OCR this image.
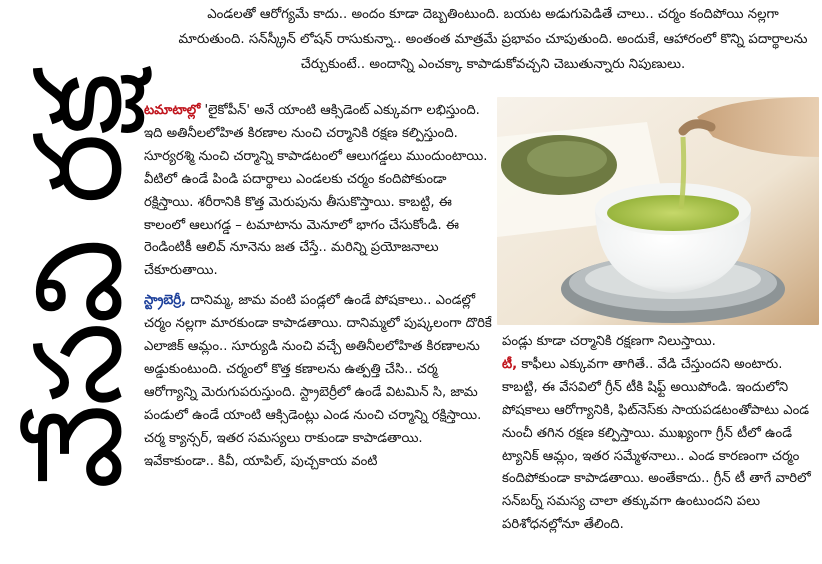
వేసవి రక్ష
ఎండలతో ఆరోగ్యమే కాదు.. అందం కూడా దెబ్బతింటుంది. బయట అడుగుపెడితే చాలు.. చర్మం కందిపోయి నల్లగా మారుతుంది. సన్‌స్క్రీన్ లోషన్ రాసుకున్నా.. అంతంత మాత్రమే ప్రభావం చూపుతుంది. అందుకే, ఆహారంలో కొన్ని పదార్థాలను చేర్చుకుంటే.. అందాన్ని ఎంచక్కా కాపాడుకోవచ్చని చెబుతున్నారు నిపుణులు.

టమాటాల్లో 'లైకోపీన్' అనే యాంటి ఆక్సిడెంట్ ఎక్కువగా లభిస్తుంది. ఇది అతినీలలోహిత కిరణాల నుంచి చర్మానికి రక్షణ కల్పిస్తుంది. సూర్యరశ్మి నుంచి చర్మాన్ని కాపాడటంలో ఆలుగడ్డలు ముందుంటాయి. వీటిలో ఉండే పిండి పదార్థాలు ఎండలకు చర్మం కందిపోకుండా రక్షిస్తాయి. శరీరానికి కొత్త మెరుపును తీసుకొస్తాయి. కాబట్టి, ఈ కాలంలో ఆలుగడ్డ – టమాటాను మెనూలో భాగం చేసుకోండి. ఈ రెండింటికీ ఆలివ్ నూనెను జత చేస్తే.. మరిన్ని ప్రయోజనాలు చేకూరుతాయి.

స్ట్రాబెర్రీ, దానిమ్మ, జామ వంటి పండ్లలో ఉండే పోషకాలు.. ఎండల్లో చర్మం నల్లగా మారకుండా కాపాడతాయి. దానిమ్మలో పుష్కలంగా దొరికే ఎలాజిక్ ఆమ్లం.. సూర్యుడి నుంచి వచ్చే అతినీలలోహిత కిరణాలను అడ్డుకుంటుంది. చర్మంలో కొత్త కణాలను ఉత్పత్తి చేసి.. చర్మ ఆరోగ్యాన్ని మెరుగుపరుస్తుంది. స్ట్రాబెర్రీలో ఉండే విటమిన్ సి, జామ పండులో ఉండే యాంటి ఆక్సిడెంట్లు ఎండ నుంచి చర్మాన్ని రక్షిస్తాయి. చర్మ క్యాన్సర్, ఇతర సమస్యలు రాకుండా కాపాడతాయి. ఇవేకాకుండా.. కివీ, యాపిల్, పుచ్చకాయ వంటి

పండ్లు కూడా చర్మానికి రక్షణగా నిలుస్తాయి.

టీ, కాఫీలు ఎక్కువగా తాగితే.. వేడి చేస్తుందని అంటారు. కాబట్టి, ఈ వేసవిలో గ్రీన్ టీకి షిఫ్ట్ అయిపోండి. ఇందులోని పోషకాలు ఆరోగ్యానికి, ఫిట్‌నెస్‌కు సాయపడటంతోపాటు ఎండ నుంచీ తగిన రక్షణ కల్పిస్తాయి. ముఖ్యంగా గ్రీన్ టీలో ఉండే ట్యానిక్ ఆమ్లం, ఇతర సమ్మేళనాలు.. ఎండ కారణంగా చర్మం కందిపోకుండా కాపాడతాయి. అంతేకాదు.. గ్రీన్ టీ తాగే వారిలో సన్‌బర్న్ సమస్య చాలా తక్కువగా ఉంటుందని పలు పరిశోధనల్లోనూ తేలింది.
